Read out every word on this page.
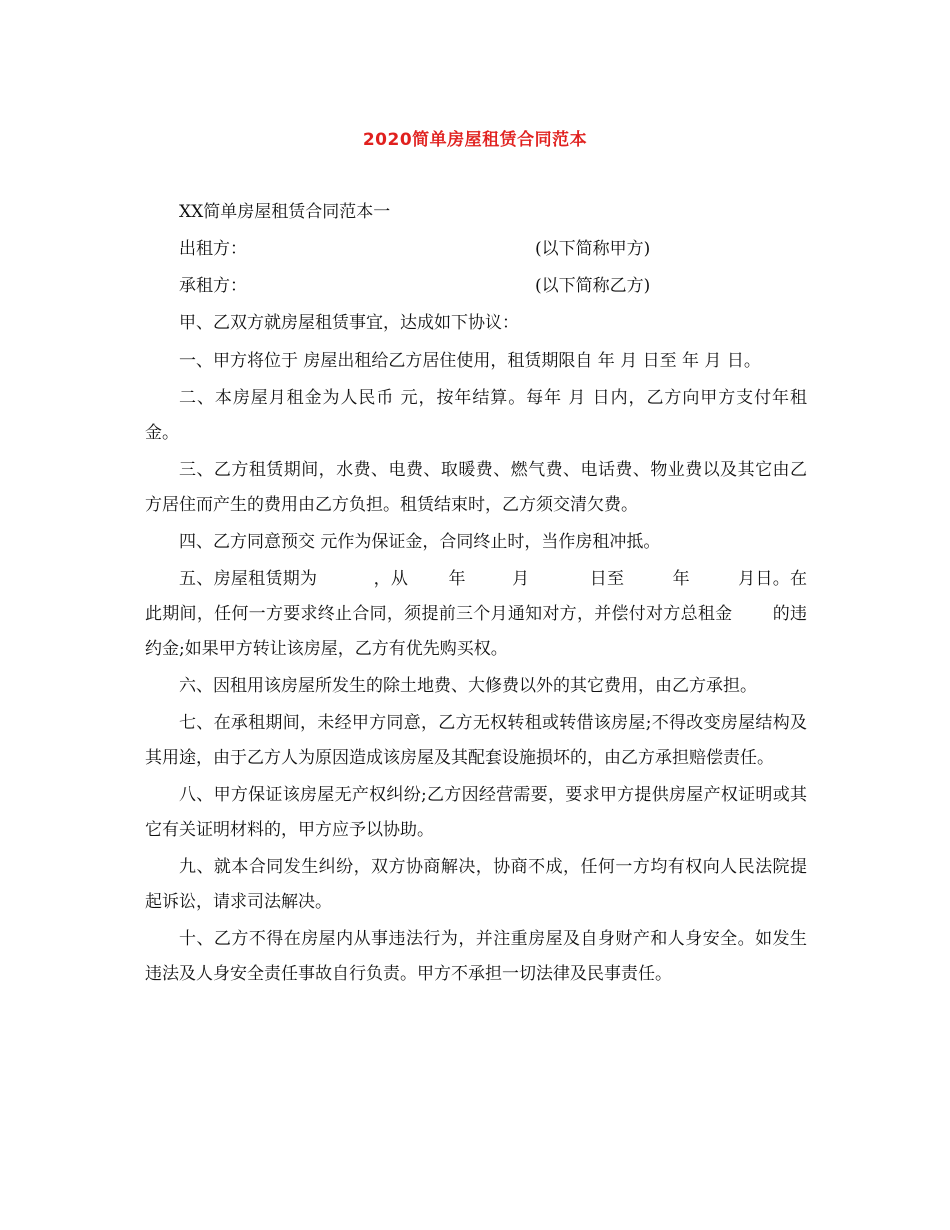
2020简单房屋租赁合同范本

XX简单房屋租赁合同范本一

出租方：	(以下简称甲方)
承租方：	(以下简称乙方)

甲、乙双方就房屋租赁事宜，达成如下协议：

一、甲方将位于 房屋出租给乙方居住使用，租赁期限自 年 月 日至 年 月 日。

二、本房屋月租金为人民币 元，按年结算。每年 月 日内，乙方向甲方支付年租金。

三、乙方租赁期间，水费、电费、取暖费、燃气费、电话费、物业费以及其它由乙方居住而产生的费用由乙方负担。租赁结束时，乙方须交清欠费。

四、乙方同意预交 元作为保证金，合同终止时，当作房租冲抵。

五、房屋租赁期为	，从 年	月	日至	年	月日。在此期间，任何一方要求终止合同，须提前三个月通知对方，并偿付对方总租金 的违约金;如果甲方转让该房屋，乙方有优先购买权。

六、因租用该房屋所发生的除土地费、大修费以外的其它费用，由乙方承担。

七、在承租期间，未经甲方同意，乙方无权转租或转借该房屋;不得改变房屋结构及其用途，由于乙方人为原因造成该房屋及其配套设施损坏的，由乙方承担赔偿责任。

八、甲方保证该房屋无产权纠纷;乙方因经营需要，要求甲方提供房屋产权证明或其它有关证明材料的，甲方应予以协助。

九、就本合同发生纠纷，双方协商解决，协商不成，任何一方均有权向人民法院提起诉讼，请求司法解决。

十、乙方不得在房屋内从事违法行为，并注重房屋及自身财产和人身安全。如发生违法及人身安全责任事故自行负责。甲方不承担一切法律及民事责任。
